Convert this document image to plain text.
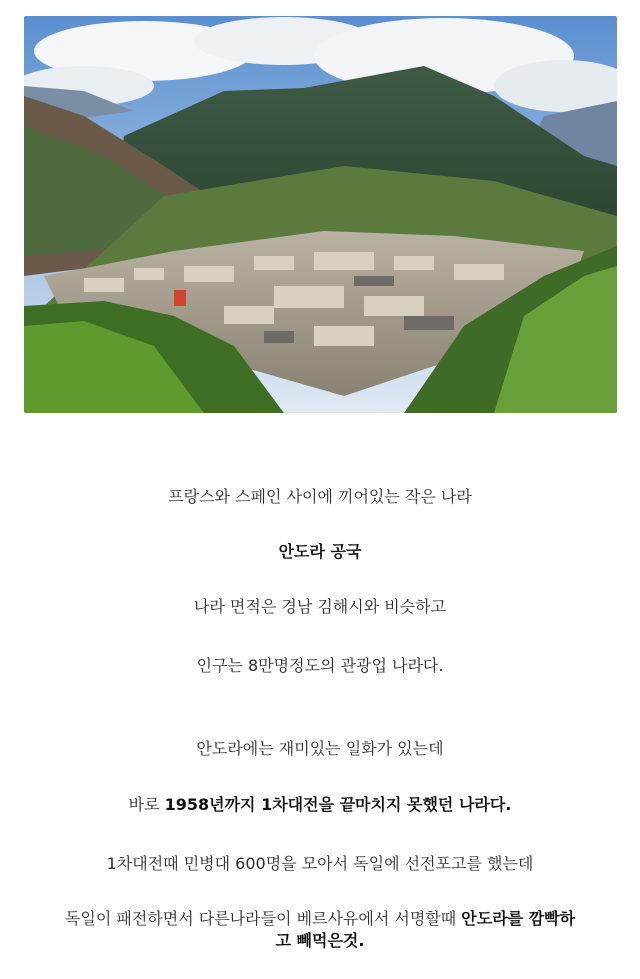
프랑스와 스페인 사이에 끼어있는 작은 나라
안도라 공국
나라 면적은 경남 김해시와 비슷하고
인구는 8만명정도의 관광업 나라다.
안도라에는 재미있는 일화가 있는데
바로 1958년까지 1차대전을 끝마치지 못했던 나라다.
1차대전때 민병대 600명을 모아서 독일에 선전포고를 했는데
독일이 패전하면서 다른나라들이 베르사유에서 서명할때 안도라를 깜빡하
고 빼먹은것.
